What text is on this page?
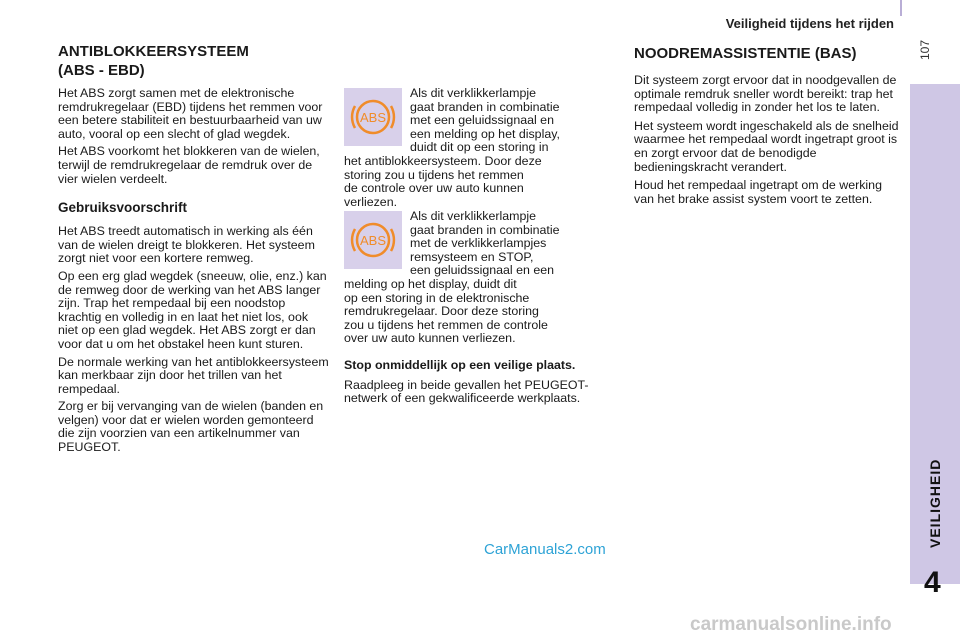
Veiligheid tijdens het rijden
107
VEILIGHEID
4
ANTIBLOKKEERSYSTEEM
(ABS - EBD)

Het ABS zorgt samen met de elektronische remdrukregelaar (EBD) tijdens het remmen voor een betere stabiliteit en bestuurbaarheid van uw auto, vooral op een slecht of glad wegdek.

Het ABS voorkomt het blokkeren van de wielen, terwijl de remdrukregelaar de remdruk over de vier wielen verdeelt.

Gebruiksvoorschrift

Het ABS treedt automatisch in werking als één van de wielen dreigt te blokkeren. Het systeem zorgt niet voor een kortere remweg.

Op een erg glad wegdek (sneeuw, olie, enz.) kan de remweg door de werking van het ABS langer zijn. Trap het rempedaal bij een noodstop krachtig en volledig in en laat het niet los, ook niet op een glad wegdek. Het ABS zorgt er dan voor dat u om het obstakel heen kunt sturen.

De normale werking van het antiblokkeersysteem kan merkbaar zijn door het trillen van het rempedaal.

Zorg er bij vervanging van de wielen (banden en velgen) voor dat er wielen worden gemonteerd die zijn voorzien van een artikelnummer van PEUGEOT.

ABS

Als dit verklikkerlampje

gaat branden in combinatie

met een geluidssignaal en

een melding op het display,

duidt dit op een storing in

het antiblokkeersysteem. Door deze

storing zou u tijdens het remmen

de controle over uw auto kunnen

verliezen.

ABS

Als dit verklikkerlampje

gaat branden in combinatie

met de verklikkerlampjes

remsysteem en STOP,

een geluidssignaal en een

melding op het display, duidt dit

op een storing in de elektronische

remdrukregelaar. Door deze storing

zou u tijdens het remmen de controle

over uw auto kunnen verliezen.

Stop onmiddellijk op een veilige plaats.

Raadpleeg in beide gevallen het PEUGEOT-netwerk of een gekwalificeerde werkplaats.

NOODREMASSISTENTIE (BAS)

Dit systeem zorgt ervoor dat in noodgevallen de optimale remdruk sneller wordt bereikt: trap het rempedaal volledig in zonder het los te laten.

Het systeem wordt ingeschakeld als de snelheid waarmee het rempedaal wordt ingetrapt groot is en zorgt ervoor dat de benodigde bedieningskracht verandert.

Houd het rempedaal ingetrapt om de werking van het brake assist system voort te zetten.

CarManuals2.com
carmanualsonline.info
